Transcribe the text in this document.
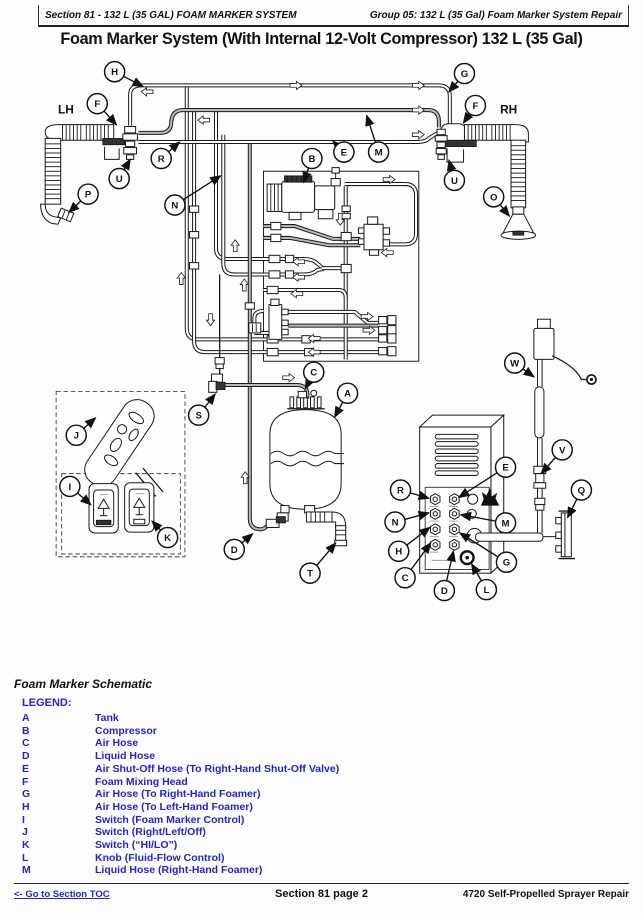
Section 81 - 132 L (35 GAL) FOAM MARKER SYSTEM	Group 05: 132 L (35 Gal) Foam Marker System Repair
Foam Marker System (With Internal 12-Volt Compressor) 132 L (35 Gal)
LH	RH
H
F
U
P
R
N
B
E	M
G
F
U
O
S
C
A
D
T
W
V
Q
R
N
H
C
E
M
G
D	L
J
I
K
Foam Marker Schematic
LEGEND:
A	Tank
B	Compressor
C	Air Hose
D	Liquid Hose
E	Air Shut-Off Hose (To Right-Hand Shut-Off Valve)
F	Foam Mixing Head
G	Air Hose (To Right-Hand Foamer)
H	Air Hose (To Left-Hand Foamer)
I	Switch (Foam Marker Control)
J	Switch (Right/Left/Off)
K	Switch (“HI/LO”)
L	Knob (Fluid-Flow Control)
M	Liquid Hose (Right-Hand Foamer)
<- Go to Section TOC	Section 81 page 2	4720 Self-Propelled Sprayer Repair
